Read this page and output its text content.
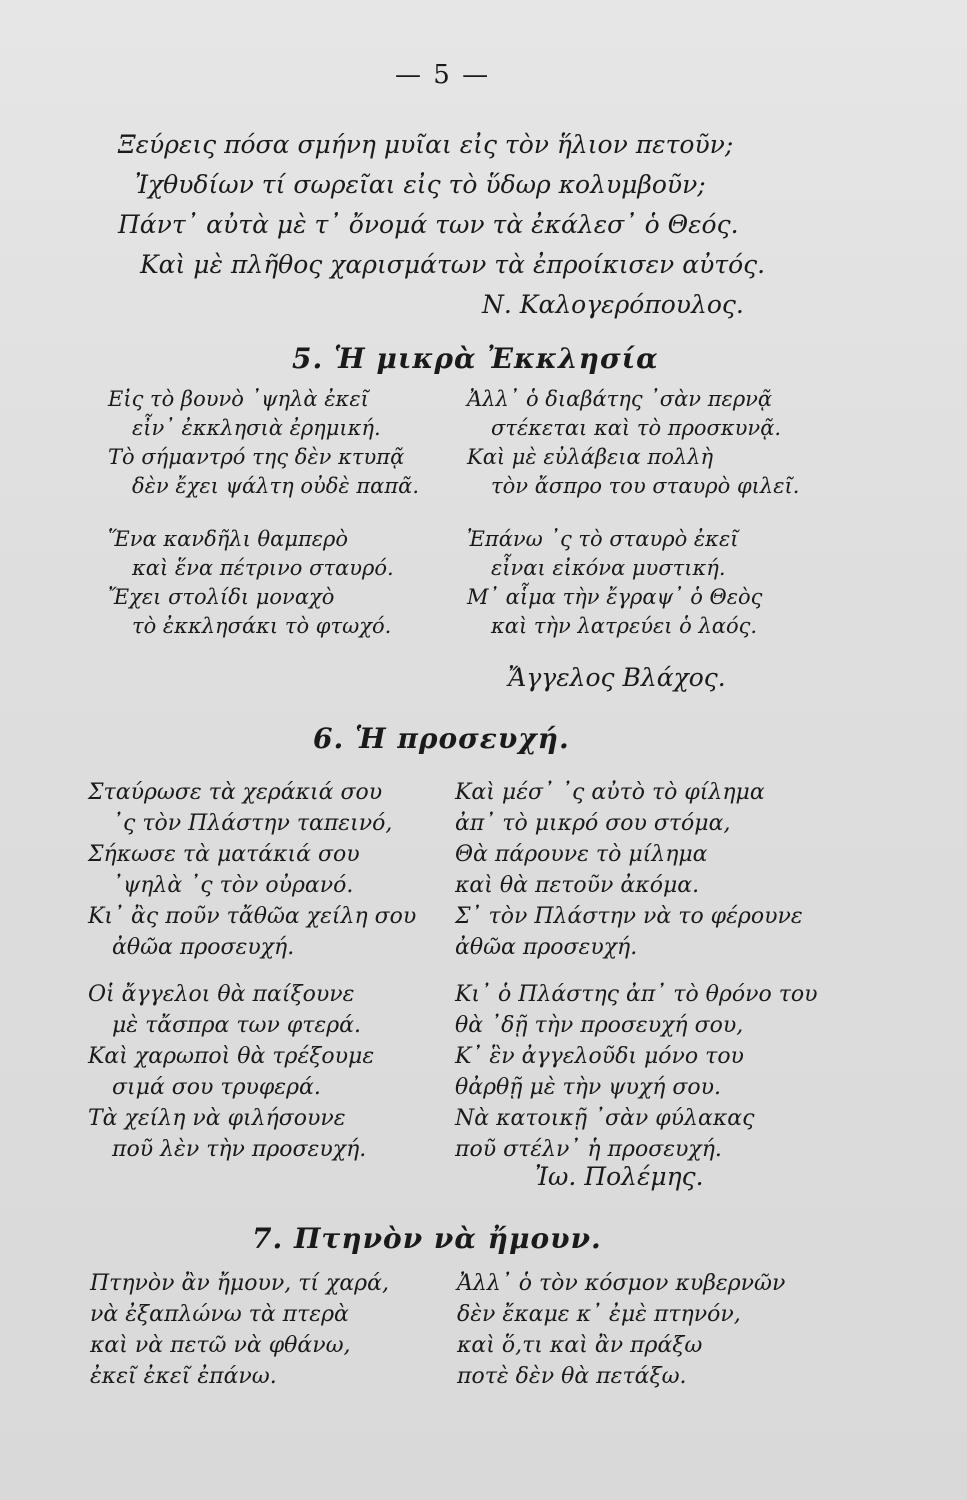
— 5 —
Ξεύρεις πόσα σμήνη μυῖαι εἰς τὸν ἥλιον πετοῦν;
Ἰχθυδίων τί σωρεῖαι εἰς τὸ ὕδωρ κολυμβοῦν;
Πάντ᾽ αὐτὰ μὲ τ᾽ ὄνομά των τὰ ἐκάλεσ᾽ ὁ Θεός.
Καὶ μὲ πλῆθος χαρισμάτων τὰ ἐπροίκισεν αὐτός.
Ν. Καλογερόπουλος.
5. Ἡ μικρὰ Ἐκκλησία
Εἰς τὸ βουνὸ ᾿ψηλὰ ἐκεῖ
εἶν᾽ ἐκκλησιὰ ἐρημική.
Τὸ σήμαντρό της δὲν κτυπᾷ
δὲν ἔχει ψάλτη οὐδὲ παπᾶ.
Ἕνα κανδῆλι θαμπερὸ
καὶ ἕνα πέτρινο σταυρό.
Ἔχει στολίδι μοναχὸ
τὸ ἐκκλησάκι τὸ φτωχό.
Ἀλλ᾽ ὁ διαβάτης ᾿σὰν περνᾷ
στέκεται καὶ τὸ προσκυνᾷ.
Καὶ μὲ εὐλάβεια πολλὴ
τὸν ἄσπρο του σταυρὸ φιλεῖ.
Ἐπάνω ᾿ς τὸ σταυρὸ ἐκεῖ
εἶναι εἰκόνα μυστική.
Μ᾽ αἷμα τὴν ἔγραψ᾽ ὁ Θεὸς
καὶ τὴν λατρεύει ὁ λαός.
Ἄγγελος Βλάχος.
6. Ἡ προσευχή.
Σταύρωσε τὰ χεράκιά σου
᾿ς τὸν Πλάστην ταπεινό,
Σήκωσε τὰ ματάκιά σου
᾿ψηλὰ ᾿ς τὸν οὐρανό.
Κι᾽ ἂς ποῦν τἄθῶα χείλη σου
ἀθῶα προσευχή.
Οἱ ἄγγελοι θὰ παίξουνε
μὲ τἄσπρα των φτερά.
Καὶ χαρωποὶ θὰ τρέξουμε
σιμά σου τρυφερά.
Τὰ χείλη νὰ φιλήσουνε
ποῦ λὲν τὴν προσευχή.
Καὶ μέσ᾽ ᾿ς αὐτὸ τὸ φίλημα
ἀπ᾽ τὸ μικρό σου στόμα,
Θὰ πάρουνε τὸ μίλημα
καὶ θὰ πετοῦν ἀκόμα.
Σ᾽ τὸν Πλάστην νὰ το φέρουνε
ἀθῶα προσευχή.
Κι᾽ ὁ Πλάστης ἀπ᾽ τὸ θρόνο του
θὰ ᾿δῇ τὴν προσευχή σου,
Κ᾽ ἓν ἀγγελοῦδι μόνο του
θἀρθῇ μὲ τὴν ψυχή σου.
Νὰ κατοικῇ ᾿σὰν φύλακας
ποῦ στέλν᾽ ἡ προσευχή.
Ἰω. Πολέμης.
7. Πτηνὸν νὰ ἤμουν.
Πτηνὸν ἂν ἤμουν, τί χαρά,
νὰ ἐξαπλώνω τὰ πτερὰ
καὶ νὰ πετῶ νὰ φθάνω,
ἐκεῖ ἐκεῖ ἐπάνω.
Ἀλλ᾽ ὁ τὸν κόσμον κυβερνῶν
δὲν ἔκαμε κ᾽ ἐμὲ πτηνόν,
καὶ ὅ,τι καὶ ἂν πράξω
ποτὲ δὲν θὰ πετάξω.
